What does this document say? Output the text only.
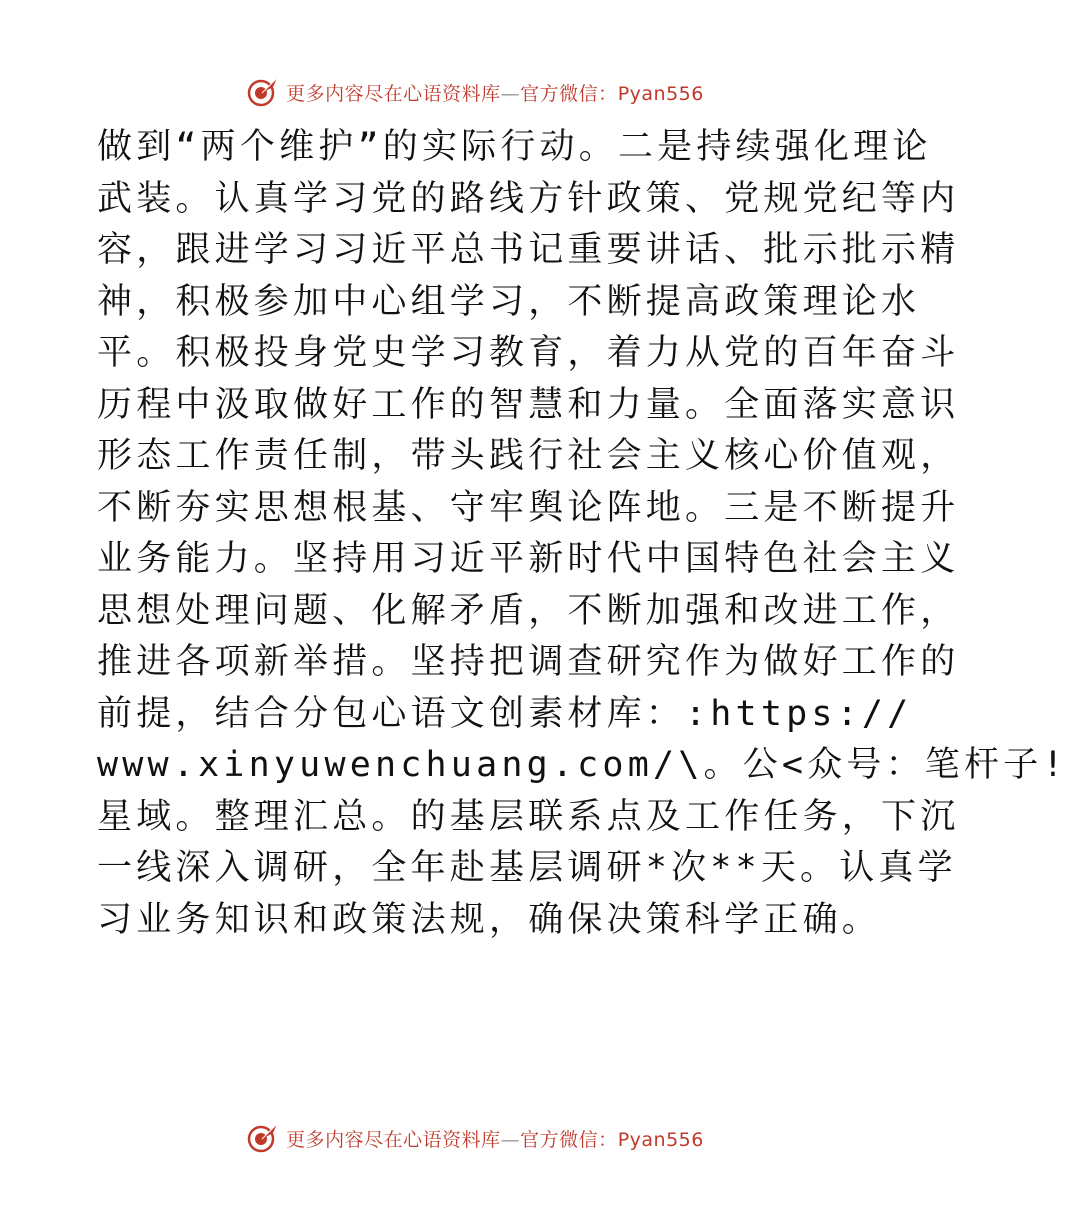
更多内容尽在心语资料库—官方微信：Pyan556
做到“两个维护”的实际行动。二是持续强化理论
武装。认真学习党的路线方针政策、党规党纪等内
容，跟进学习习近平总书记重要讲话、批示批示精
神，积极参加中心组学习，不断提高政策理论水
平。积极投身党史学习教育，着力从党的百年奋斗
历程中汲取做好工作的智慧和力量。全面落实意识
形态工作责任制，带头践行社会主义核心价值观，
不断夯实思想根基、守牢舆论阵地。三是不断提升
业务能力。坚持用习近平新时代中国特色社会主义
思想处理问题、化解矛盾，不断加强和改进工作，
推进各项新举措。坚持把调查研究作为做好工作的
前提，结合分包心语文创素材库：:https://
www.xinyuwenchuang.com/\。公<众号：笔杆子!
星域。整理汇总。的基层联系点及工作任务，下沉
一线深入调研，全年赴基层调研*次**天。认真学
习业务知识和政策法规，确保决策科学正确。
更多内容尽在心语资料库—官方微信：Pyan556
